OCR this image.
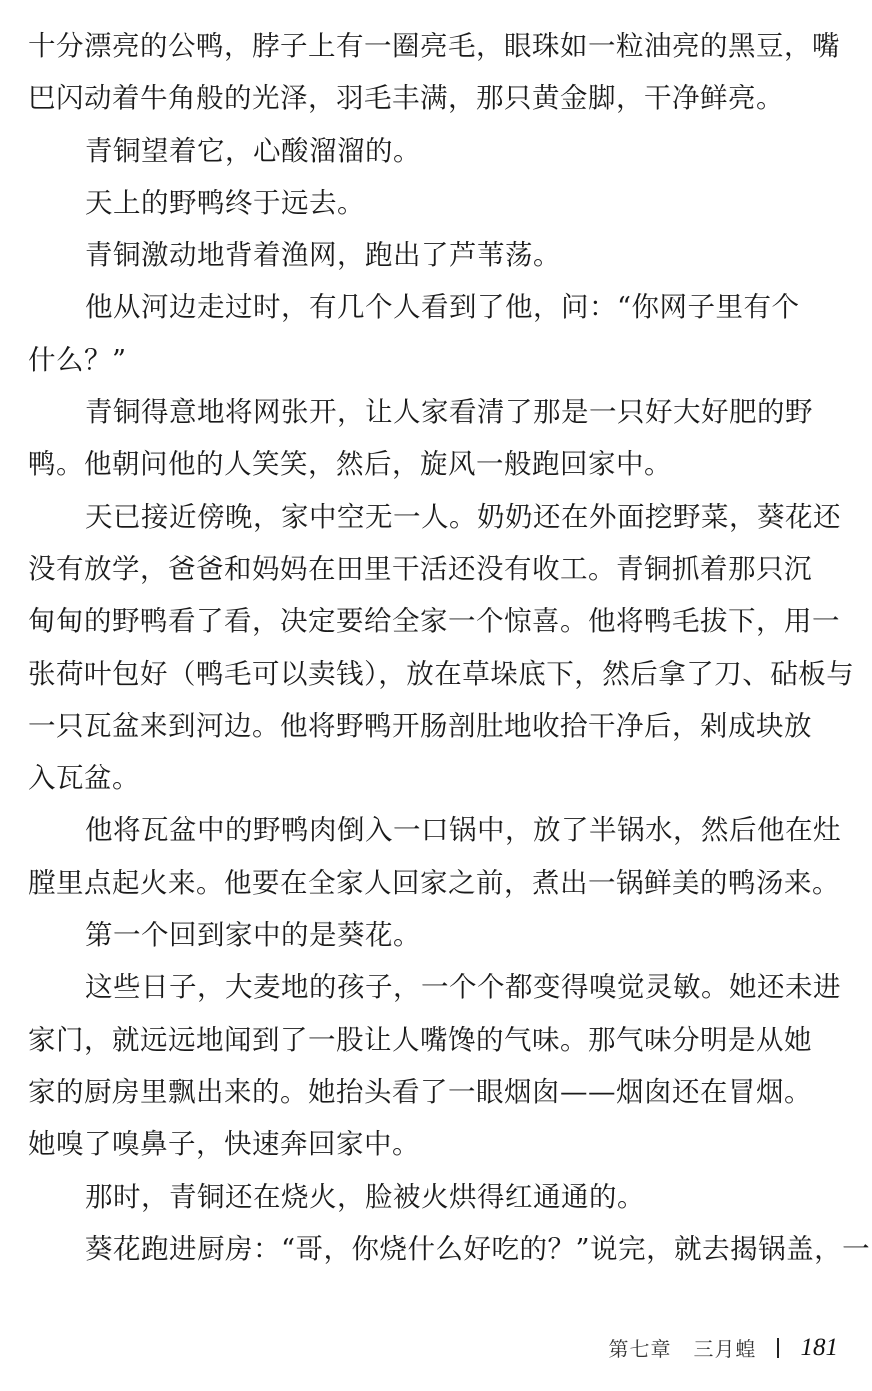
十分漂亮的公鸭，脖子上有一圈亮毛，眼珠如一粒油亮的黑豆，嘴
巴闪动着牛角般的光泽，羽毛丰满，那只黄金脚，干净鲜亮。
青铜望着它，心酸溜溜的。
天上的野鸭终于远去。
青铜激动地背着渔网，跑出了芦苇荡。
他从河边走过时，有几个人看到了他，问：“你网子里有个
什么？”
青铜得意地将网张开，让人家看清了那是一只好大好肥的野
鸭。他朝问他的人笑笑，然后，旋风一般跑回家中。
天已接近傍晚，家中空无一人。奶奶还在外面挖野菜，葵花还
没有放学，爸爸和妈妈在田里干活还没有收工。青铜抓着那只沉
甸甸的野鸭看了看，决定要给全家一个惊喜。他将鸭毛拔下，用一
张荷叶包好（鸭毛可以卖钱），放在草垛底下，然后拿了刀、砧板与
一只瓦盆来到河边。他将野鸭开肠剖肚地收拾干净后，剁成块放
入瓦盆。
他将瓦盆中的野鸭肉倒入一口锅中，放了半锅水，然后他在灶
膛里点起火来。他要在全家人回家之前，煮出一锅鲜美的鸭汤来。
第一个回到家中的是葵花。
这些日子，大麦地的孩子，一个个都变得嗅觉灵敏。她还未进
家门，就远远地闻到了一股让人嘴馋的气味。那气味分明是从她
家的厨房里飘出来的。她抬头看了一眼烟囱——烟囱还在冒烟。
她嗅了嗅鼻子，快速奔回家中。
那时，青铜还在烧火，脸被火烘得红通通的。
葵花跑进厨房：“哥，你烧什么好吃的？”说完，就去揭锅盖，一
第七章 三月蝗 181
